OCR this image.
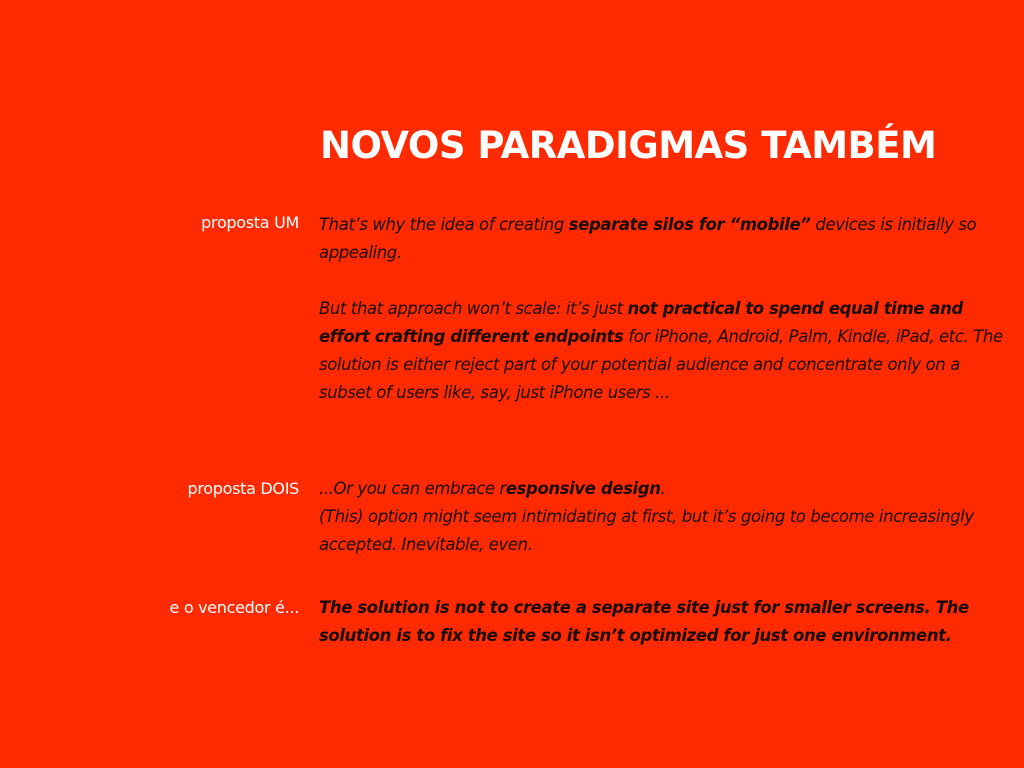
NOVOS PARADIGMAS TAMBÉM
proposta UM
proposta DOIS
e o vencedor é...

That’s why the idea of creating separate silos for “mobile” devices is initially so appealing.

But that approach won’t scale: it’s just not practical to spend equal time and effort crafting different endpoints for iPhone, Android, Palm, Kindle, iPad, etc. The solution is either reject part of your potential audience and concentrate only on a subset of users like, say, just iPhone users ...

...Or you can embrace responsive design.

(This) option might seem intimidating at first, but it’s going to become increasingly accepted. Inevitable, even.

The solution is not to create a separate site just for smaller screens. The solution is to fix the site so it isn’t optimized for just one environment.
